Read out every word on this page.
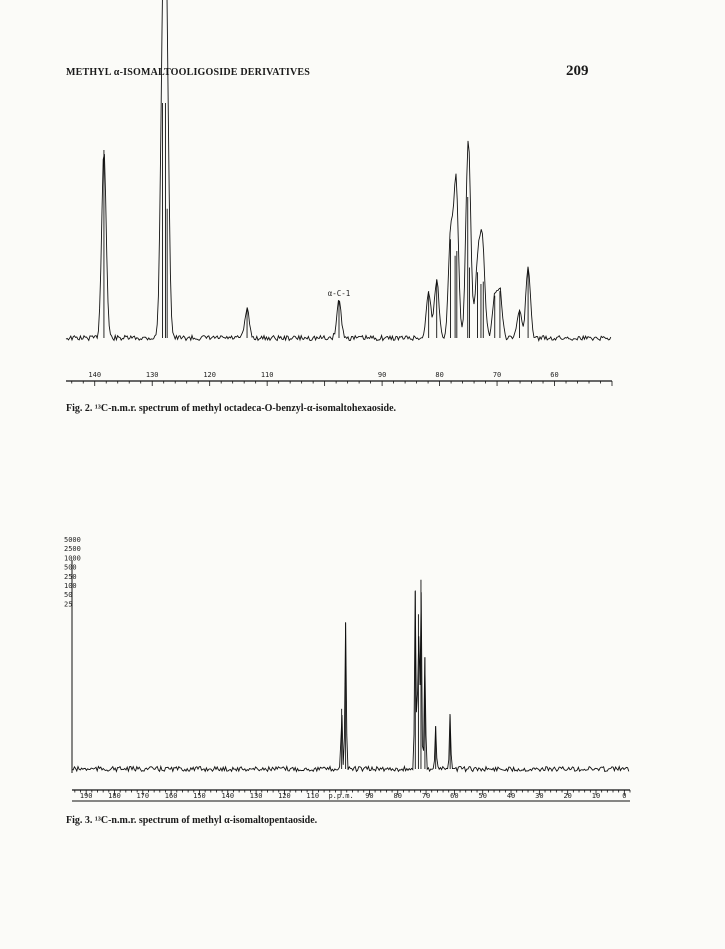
METHYL α-ISOMALTOOLIGOSIDE DERIVATIVES	209
140	130	120	110	90	80	70	60
α-C-1
Fig. 2. ¹³C-n.m.r. spectrum of methyl octadeca-O-benzyl-α-isomaltohexaoside.
190 180 170 160 150 140 130 120 110 p.p.m. 90	80	70	60	50	40	30	20	10	0
5000
2500
1000
500
250
100
50
25
Fig. 3. ¹³C-n.m.r. spectrum of methyl α-isomaltopentaoside.
